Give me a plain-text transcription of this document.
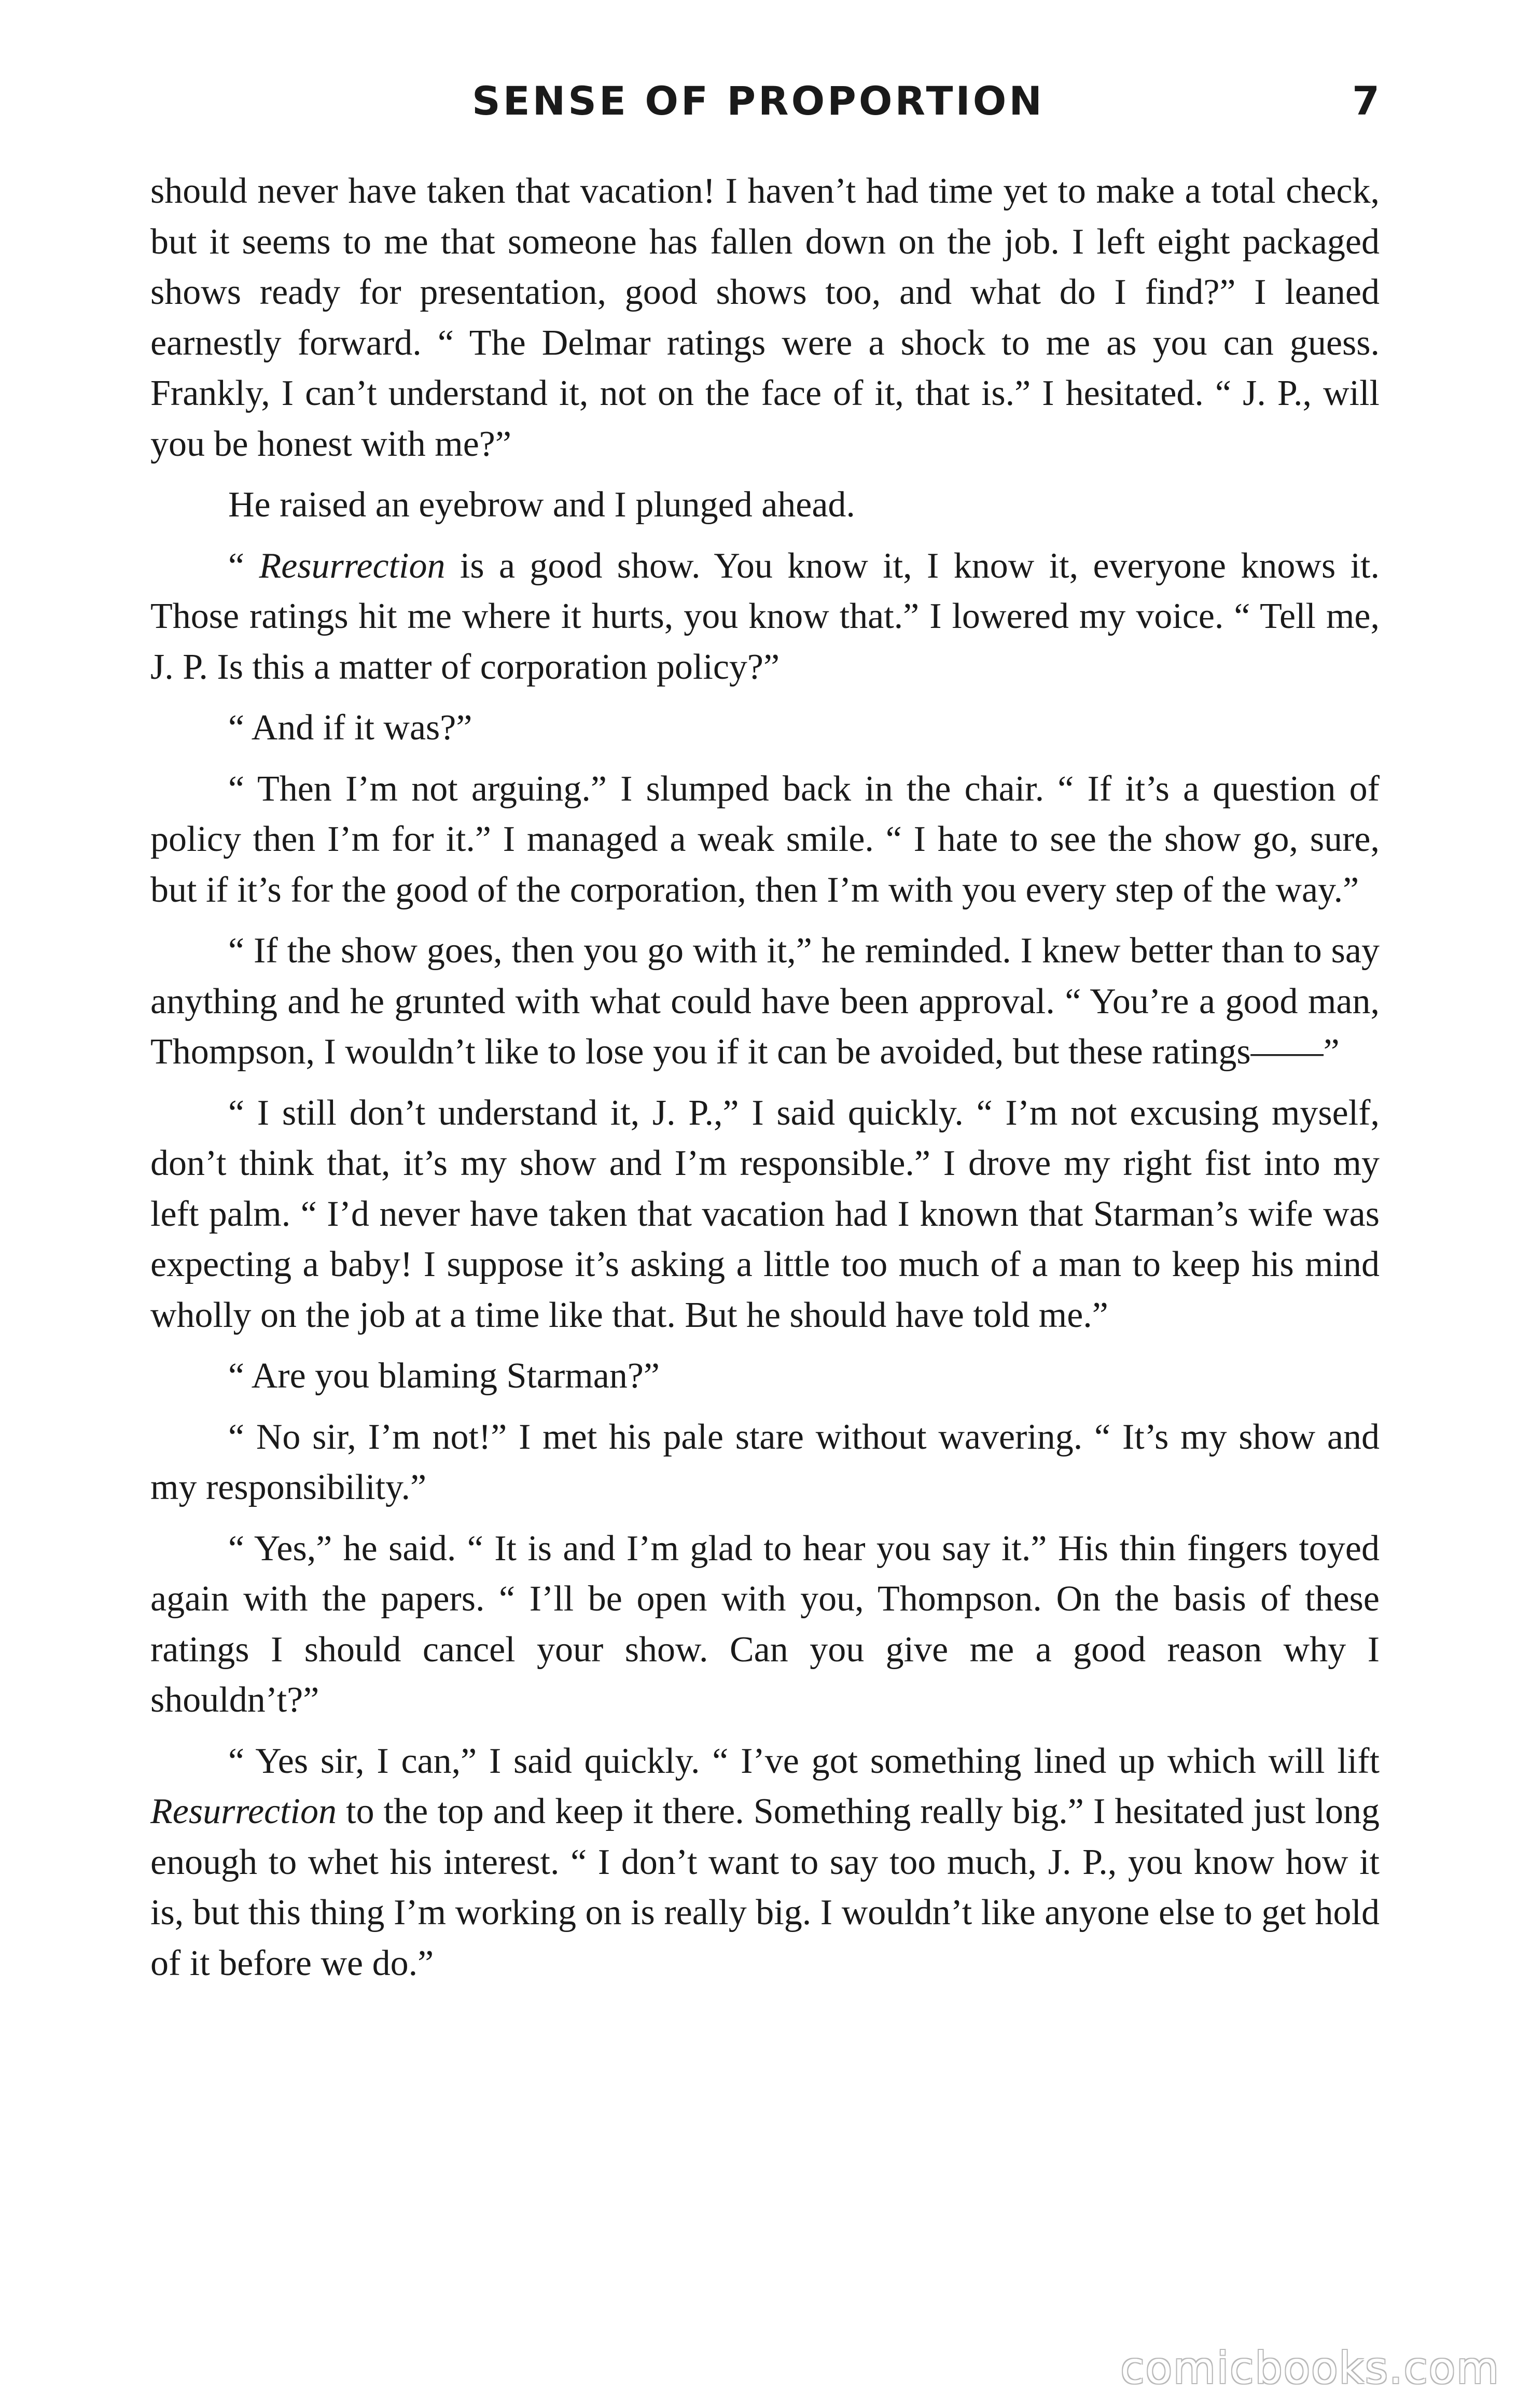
SENSE OF PROPORTION	7

should never have taken that vacation! I haven’t had time yet to make a total check, but it seems to me that someone has fallen down on the job. I left eight packaged shows ready for presentation, good shows too, and what do I find?” I leaned earnestly forward. “ The Delmar ratings were a shock to me as you can guess. Frankly, I can’t understand it, not on the face of it, that is.” I hesitated. “ J. P., will you be honest with me?”

He raised an eyebrow and I plunged ahead.

“ Resurrection is a good show. You know it, I know it, everyone knows it. Those ratings hit me where it hurts, you know that.” I lowered my voice. “ Tell me, J. P. Is this a matter of corporation policy?”

“ And if it was?”

“ Then I’m not arguing.” I slumped back in the chair. “ If it’s a question of policy then I’m for it.” I managed a weak smile. “ I hate to see the show go, sure, but if it’s for the good of the corporation, then I’m with you every step of the way.”

“ If the show goes, then you go with it,” he reminded. I knew better than to say anything and he grunted with what could have been approval. “ You’re a good man, Thompson, I wouldn’t like to lose you if it can be avoided, but these ratings——”

“ I still don’t understand it, J. P.,” I said quickly. “ I’m not excusing myself, don’t think that, it’s my show and I’m responsible.” I drove my right fist into my left palm. “ I’d never have taken that vacation had I known that Starman’s wife was expecting a baby! I suppose it’s asking a little too much of a man to keep his mind wholly on the job at a time like that. But he should have told me.”

“ Are you blaming Starman?”

“ No sir, I’m not!” I met his pale stare without wavering. “ It’s my show and my responsibility.”

“ Yes,” he said. “ It is and I’m glad to hear you say it.” His thin fingers toyed again with the papers. “ I’ll be open with you, Thompson. On the basis of these ratings I should cancel your show. Can you give me a good reason why I shouldn’t?”

“ Yes sir, I can,” I said quickly. “ I’ve got something lined up which will lift Resurrection to the top and keep it there. Something really big.” I hesitated just long enough to whet his interest. “ I don’t want to say too much, J. P., you know how it is, but this thing I’m working on is really big. I wouldn’t like anyone else to get hold of it before we do.”

comicbooks.com
